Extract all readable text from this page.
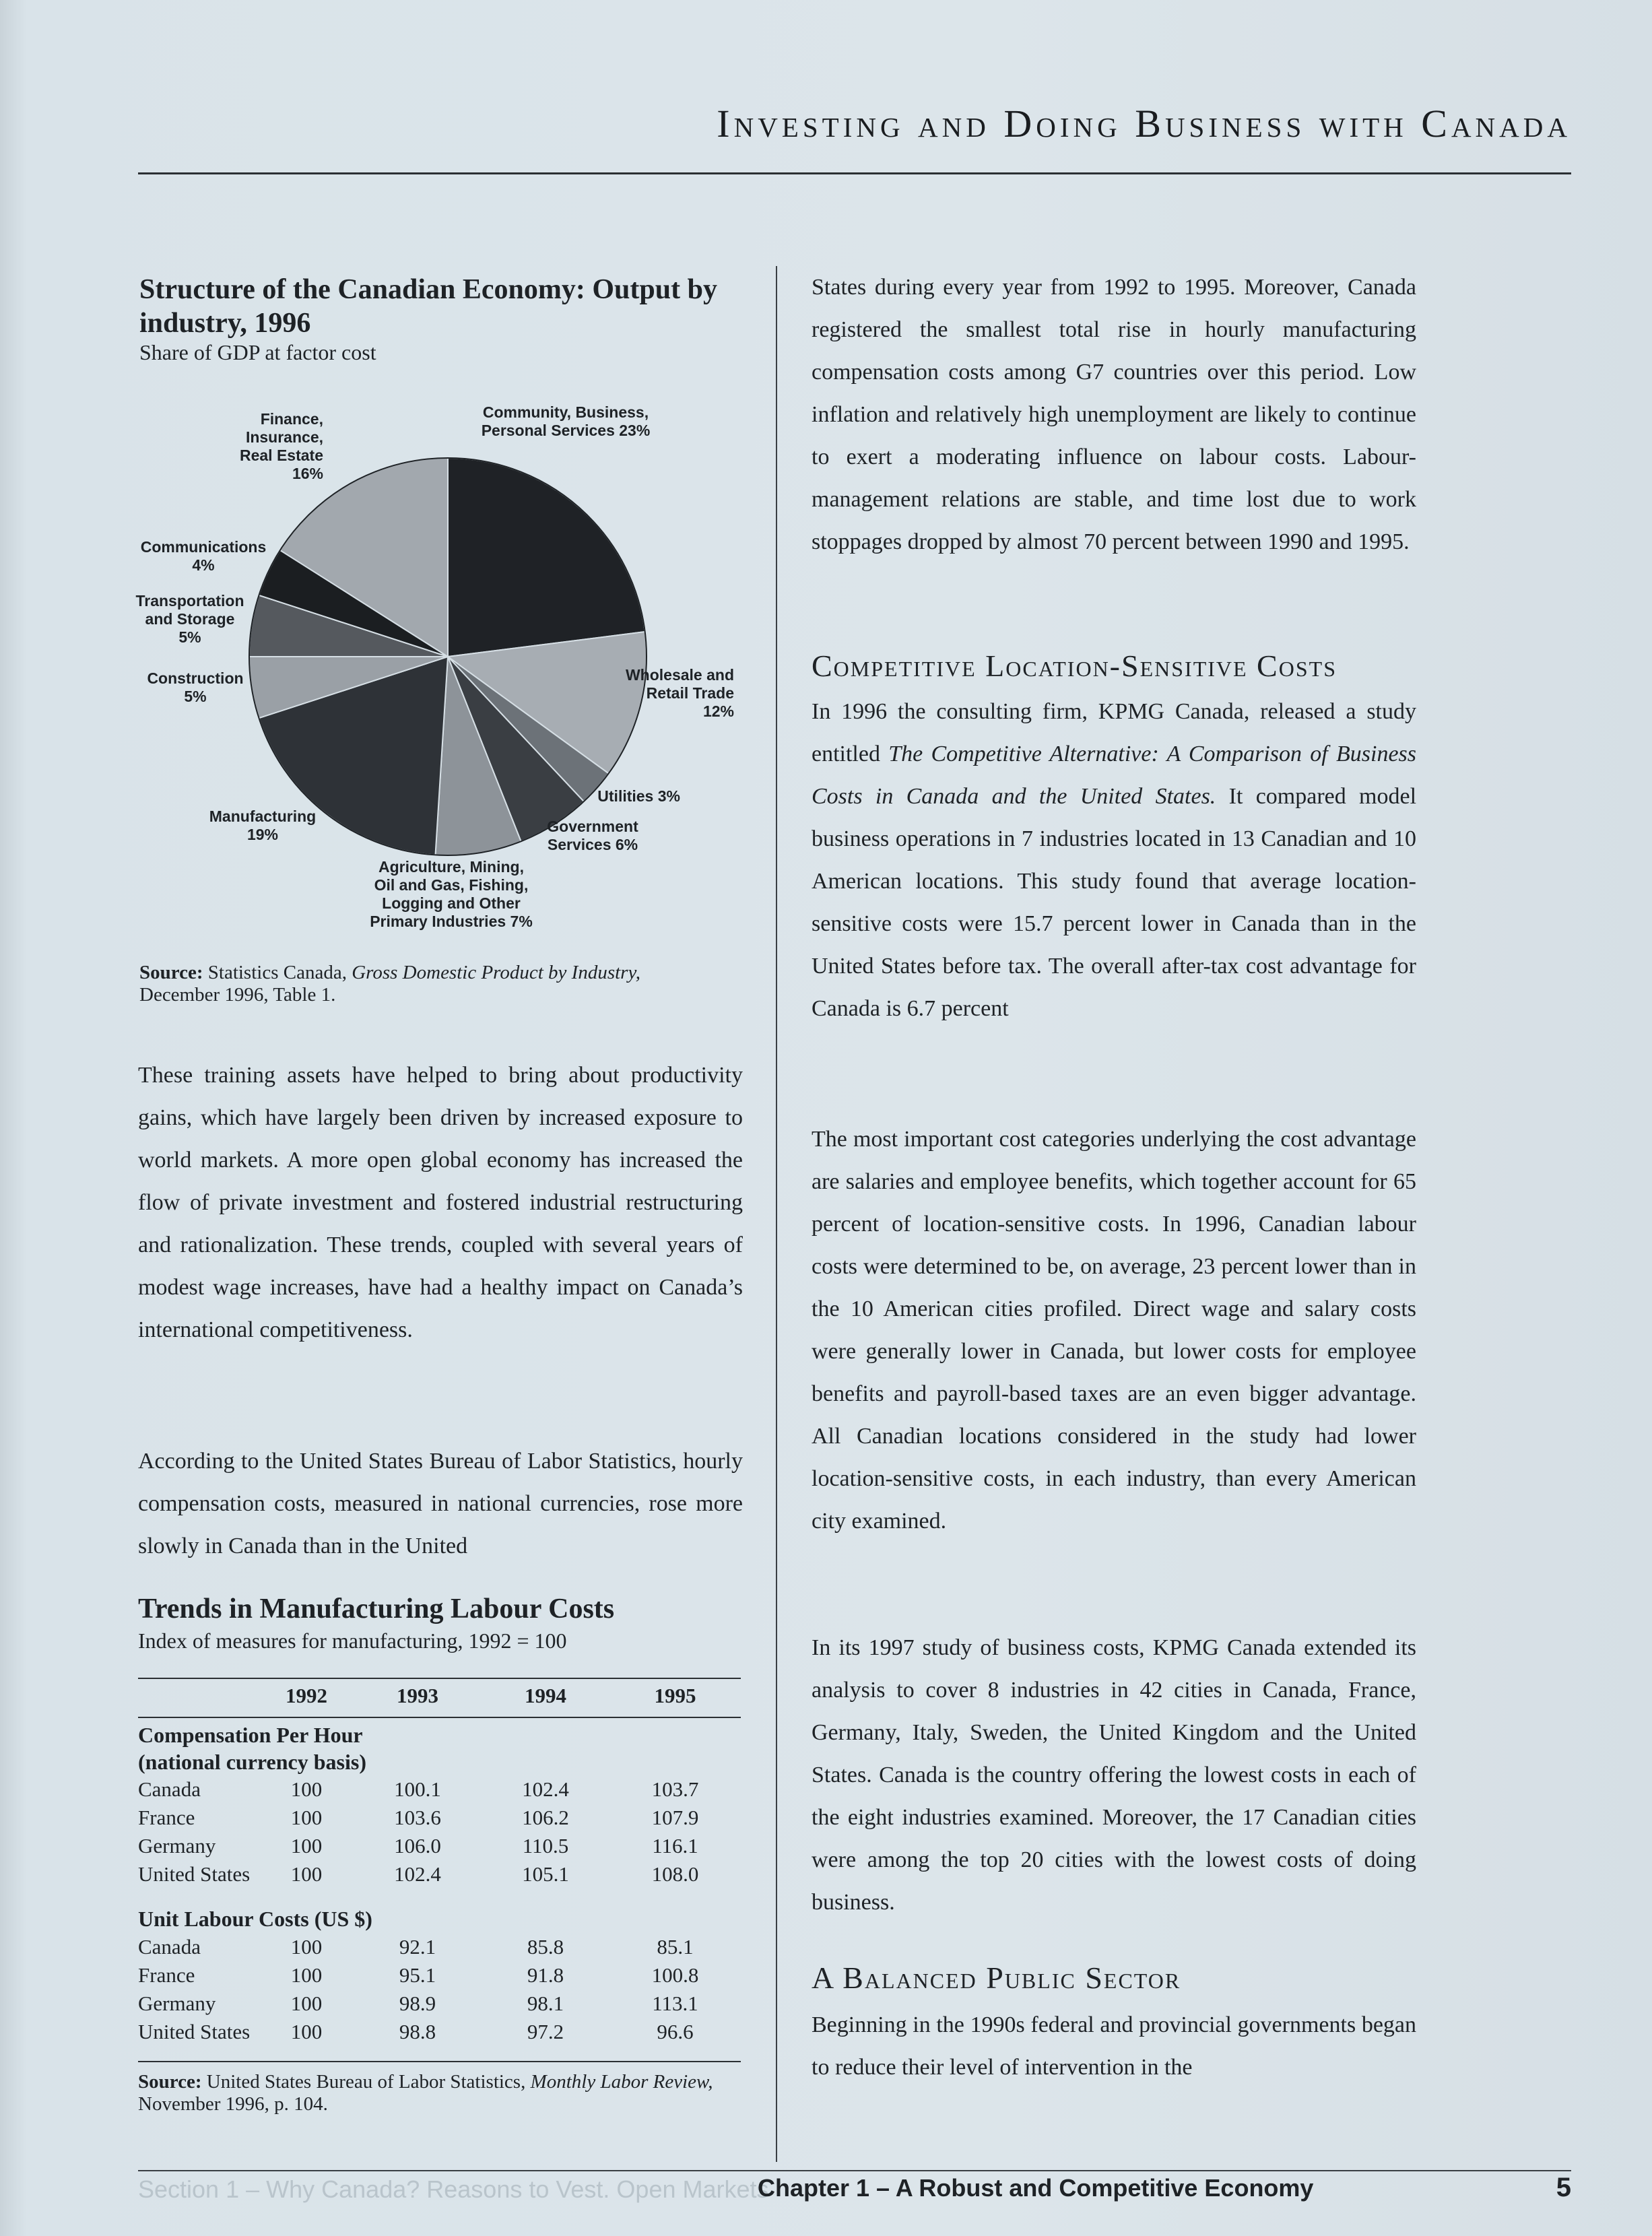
Investing and Doing Business with Canada
Structure of the Canadian Economy: Output by industry, 1996
Share of GDP at factor cost
Community, Business, Personal Services 23%
Wholesale and Retail Trade 12%
Utilities 3%
Government Services 6%
Agriculture, Mining, Oil and Gas, Fishing, Logging and Other Primary Industries 7%
Manufacturing 19%
Construction 5%
Transportation and Storage 5%
Communications 4%
Finance, Insurance, Real Estate 16%
Source: Statistics Canada, Gross Domestic Product by Industry,
December 1996, Table 1.
These training assets have helped to bring about productivity gains, which have largely been driven by increased exposure to world markets. A more open global economy has increased the flow of private investment and fostered industrial restructuring and rationalization. These trends, coupled with several years of modest wage increases, have had a healthy impact on Canada’s international competitiveness.
According to the United States Bureau of Labor Statistics, hourly compensation costs, measured in national currencies, rose more slowly in Canada than in the United
Trends in Manufacturing Labour Costs
Index of measures for manufacturing, 1992 = 100
	1992	1993	1994	1995

Compensation Per Hour (national currency basis)				

Canada	100	100.1	102.4	103.7
France	100	103.6	106.2	107.9
Germany	100	106.0	110.5	116.1
United States	100	102.4	105.1	108.0
Unit Labour Costs (US $)				
Canada	100	92.1	85.8	85.1
France	100	95.1	91.8	100.8
Germany	100	98.9	98.1	113.1
United States	100	98.8	97.2	96.6
Source: United States Bureau of Labor Statistics, Monthly Labor Review,
November 1996, p. 104.
States during every year from 1992 to 1995. Moreover, Canada registered the smallest total rise in hourly manufacturing compensation costs among G7 countries over this period. Low inflation and relatively high unemployment are likely to continue to exert a moderating influence on labour costs. Labour-management relations are stable, and time lost due to work stoppages dropped by almost 70 percent between 1990 and 1995.
Competitive Location-Sensitive Costs
In 1996 the consulting firm, KPMG Canada, released a study entitled The Competitive Alternative: A Comparison of Business Costs in Canada and the United States. It compared model business operations in 7 industries located in 13 Canadian and 10 American locations. This study found that average location-sensitive costs were 15.7 percent lower in Canada than in the United States before tax. The overall after-tax cost advantage for Canada is 6.7 percent
The most important cost categories underlying the cost advantage are salaries and employee benefits, which together account for 65 percent of location-sensitive costs. In 1996, Canadian labour costs were determined to be, on average, 23 percent lower than in the 10 American cities profiled. Direct wage and salary costs were generally lower in Canada, but lower costs for employee benefits and payroll-based taxes are an even bigger advantage. All Canadian locations considered in the study had lower location-sensitive costs, in each industry, than every American city examined.
In its 1997 study of business costs, KPMG Canada extended its analysis to cover 8 industries in 42 cities in Canada, France, Germany, Italy, Sweden, the United Kingdom and the United States. Canada is the country offering the lowest costs in each of the eight industries examined. Moreover, the 17 Canadian cities were among the top 20 cities with the lowest costs of doing business.
A Balanced Public Sector
Beginning in the 1990s federal and provincial governments began to reduce their level of intervention in the
Section 1 – Why Canada? Reasons to Vest. Open Markets
Chapter 1 – A Robust and Competitive Economy	5
